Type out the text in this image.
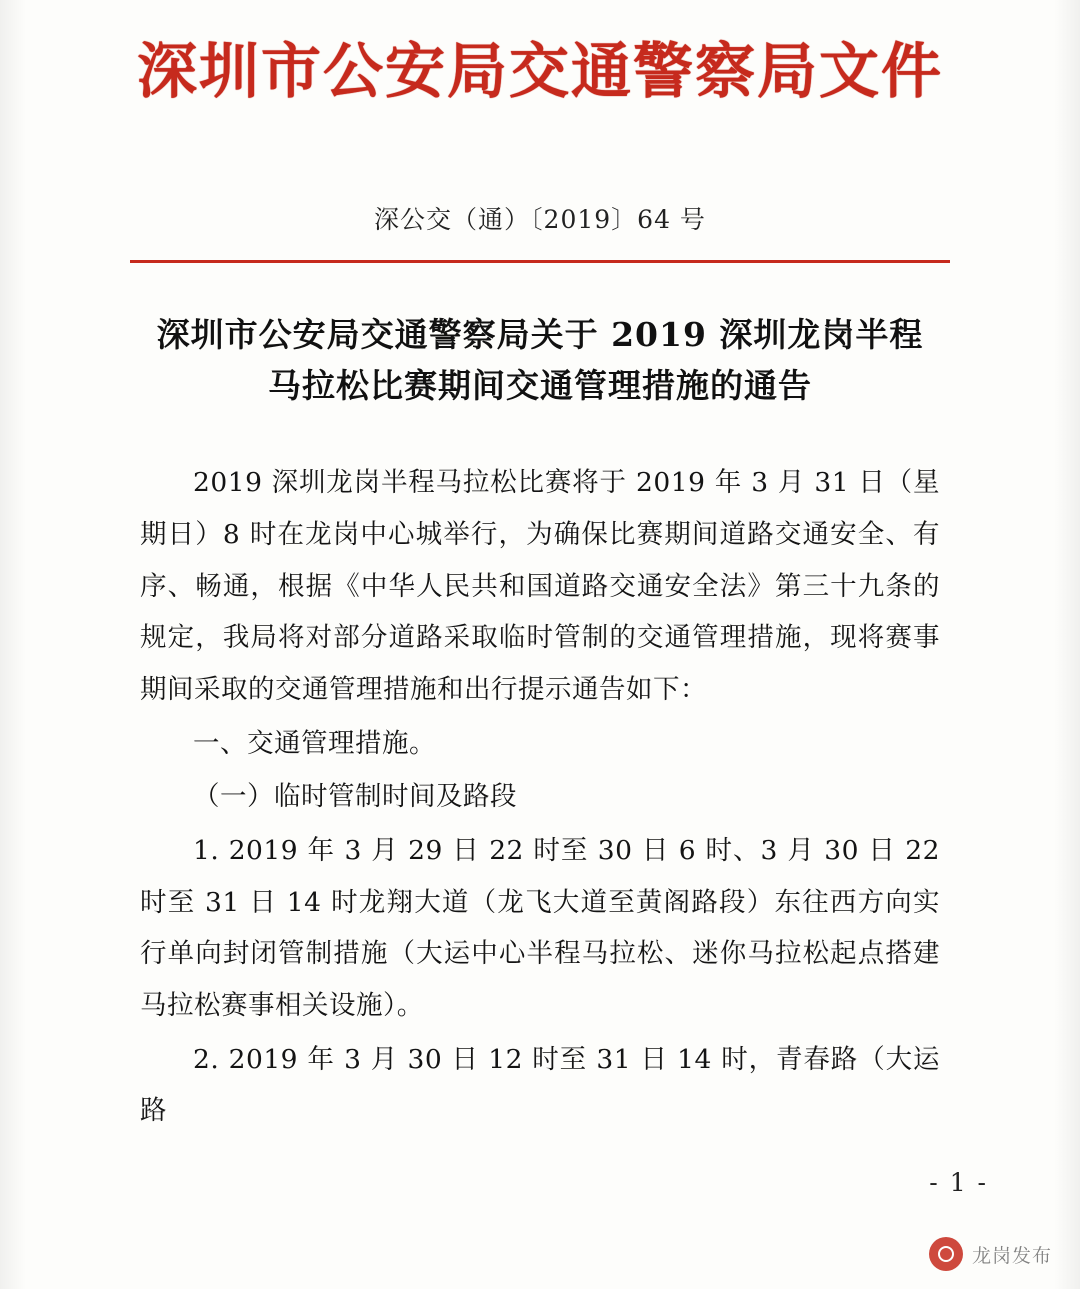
深圳市公安局交通警察局文件
深公交（通）〔2019〕64 号
深圳市公安局交通警察局关于 2019 深圳龙岗半程马拉松比赛期间交通管理措施的通告

2019 深圳龙岗半程马拉松比赛将于 2019 年 3 月 31 日（星期日）8 时在龙岗中心城举行，为确保比赛期间道路交通安全、有序、畅通，根据《中华人民共和国道路交通安全法》第三十九条的规定，我局将对部分道路采取临时管制的交通管理措施，现将赛事期间采取的交通管理措施和出行提示通告如下：

一、交通管理措施。

（一）临时管制时间及路段

1. 2019 年 3 月 29 日 22 时至 30 日 6 时、3 月 30 日 22 时至 31 日 14 时龙翔大道（龙飞大道至黄阁路段）东往西方向实行单向封闭管制措施（大运中心半程马拉松、迷你马拉松起点搭建马拉松赛事相关设施）。

2. 2019 年 3 月 30 日 12 时至 31 日 14 时，青春路（大运路

- 1 -
龙岗发布
